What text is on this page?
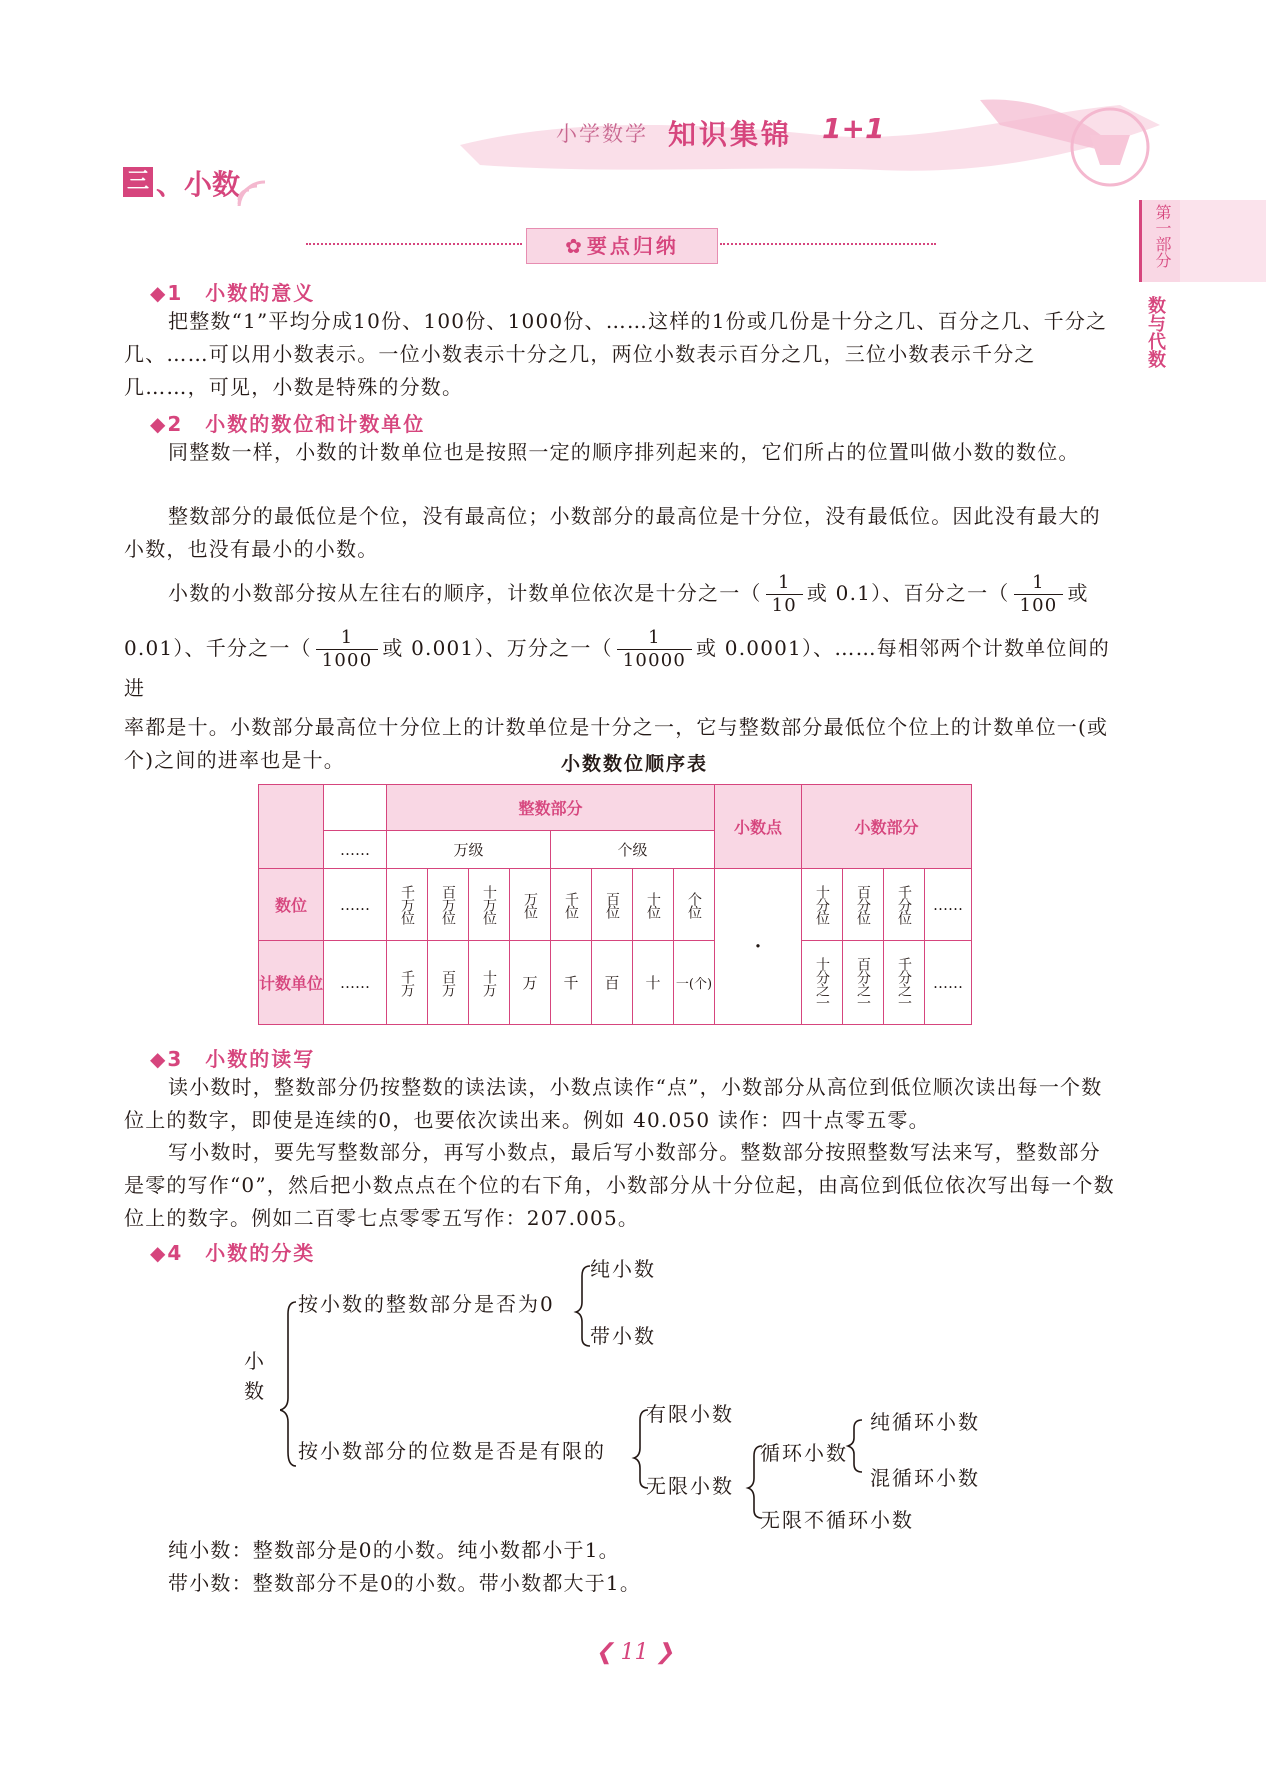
小学数学 知识集锦 1+1
三 、小数
第一部分
数与代数
✿ 要点归纳
◆1　小数的意义

把整数“1”平均分成10份、100份、1000份、……这样的1份或几份是十分之几、百分之几、千分之几、……可以用小数表示。一位小数表示十分之几，两位小数表示百分之几，三位小数表示千分之几……，可见，小数是特殊的分数。

◆2　小数的数位和计数单位

同整数一样，小数的计数单位也是按照一定的顺序排列起来的，它们所占的位置叫做小数的数位。

整数部分的最低位是个位，没有最高位；小数部分的最高位是十分位，没有最低位。因此没有最大的小数，也没有最小的小数。

小数的小数部分按从左往右的顺序，计数单位依次是十分之一（ $\frac{1}{10}$ 或 0.1）、百分之一（ $\frac{1}{100}$ 或
0.01）、千分之一（ $\frac{1}{1000}$ 或 0.001）、万分之一（ $\frac{1}{10000}$ 或 0.0001）、……每相邻两个计数单位间的进
率都是十。小数部分最高位十分位上的计数单位是十分之一，它与整数部分最低位个位上的计数单位一(或个)之间的进率也是十。	小数数位顺序表
		整数部分								小数点	小数部分			
	……	万级				个级								
数位	……	千万位	百万位	十万位	万位	千位	百位	十位	个位	·	十分位	百分位	千分位	……
计数单位	……	千万	百万	十万	万	千	百	十	一(个)		十分之一	百分之一	千分之一	……
◆3　小数的读写

读小数时，整数部分仍按整数的读法读，小数点读作“点”，小数部分从高位到低位顺次读出每一个数位上的数字，即使是连续的0，也要依次读出来。例如 40.050 读作：四十点零五零。

写小数时，要先写整数部分，再写小数点，最后写小数部分。整数部分按照整数写法来写，整数部分是零的写作“0”，然后把小数点点在个位的右下角，小数部分从十分位起，由高位到低位依次写出每一个数位上的数字。例如二百零七点零零五写作：207.005。

◆4　小数的分类
小数
按小数的整数部分是否为0
纯小数
带小数
按小数部分的位数是否是有限的
有限小数
无限小数
循环小数
无限不循环小数
纯循环小数
混循环小数
纯小数：整数部分是0的小数。纯小数都小于1。
带小数：整数部分不是0的小数。带小数都大于1。
❮ 11 ❯
